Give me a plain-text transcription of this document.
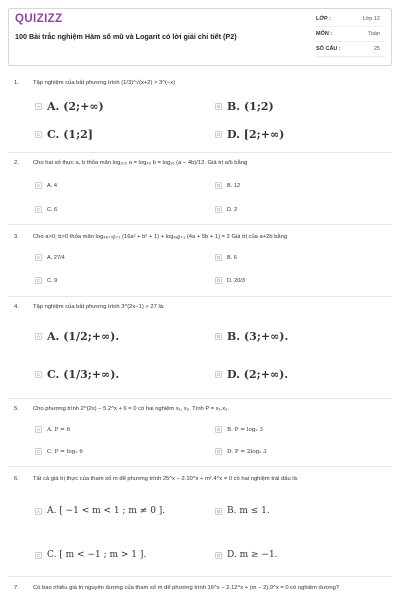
QUIZIZZ
100 Bài trắc nghiệm Hàm số mũ và Logarit có lời giải chi tiết (P2)
LỚP :	Lớp 12
MÔN :	Toán
SỐ CÂU :	25
1. Tập nghiệm của bất phương trình (1/3)^√(x+2) > 3^(−x)
A A. (2;+∞)	B B. (1;2)
C C. (1;2]	D D. [2;+∞)
2. Cho hai số thực a, b thỏa mãn log₁₀₀ a = log₄₀ b = log₁₆ (a − 4b)/12. Giá trị a/b bằng
A	A. 4	B	B. 12
C	C. 6	D	D. 2
3. Cho a>0; b>0 thỏa mãn log₄ₐ₊₅ᵦ₊₁ (16a² + b² + 1) + log₈ₐᵦ₊₁ (4a + 5b + 1) = 2 Giá trị của a+2b bằng
A	A. 27/4	B	B. 6
C	C. 9	D	D. 20/3
4. Tập nghiệm của bất phương trình 3^(2x−1) > 27 là:
A A. (1/2;+∞).	B B. (3;+∞).
C C. (1/3;+∞).	D D. (2;+∞).
5. Cho phương trình 2^(2x) − 5.2^x + 6 = 0 có hai nghiệm x₁, x₂. Tính P = x₁.x₂.
A	A. P = 6	B	B. P = log₂ 3
C	C. P = log₂ 6	D	D. P = 2log₂ 3
6. Tất cả giá trị thực của tham số m để phương trình 25^x − 2.10^x + m².4^x = 0 có hai nghiệm trái dấu là:
A A. [ −1 < m < 1 ; m ≠ 0 ].	B B. m ≤ 1.
C C. [ m < −1 ; m > 1 ].	D D. m ≥ −1.
7. Có bao nhiêu giá trị nguyên dương của tham số m để phương trình 16^x − 2.12^x + (m − 2).9^x = 0 có nghiệm dương?
